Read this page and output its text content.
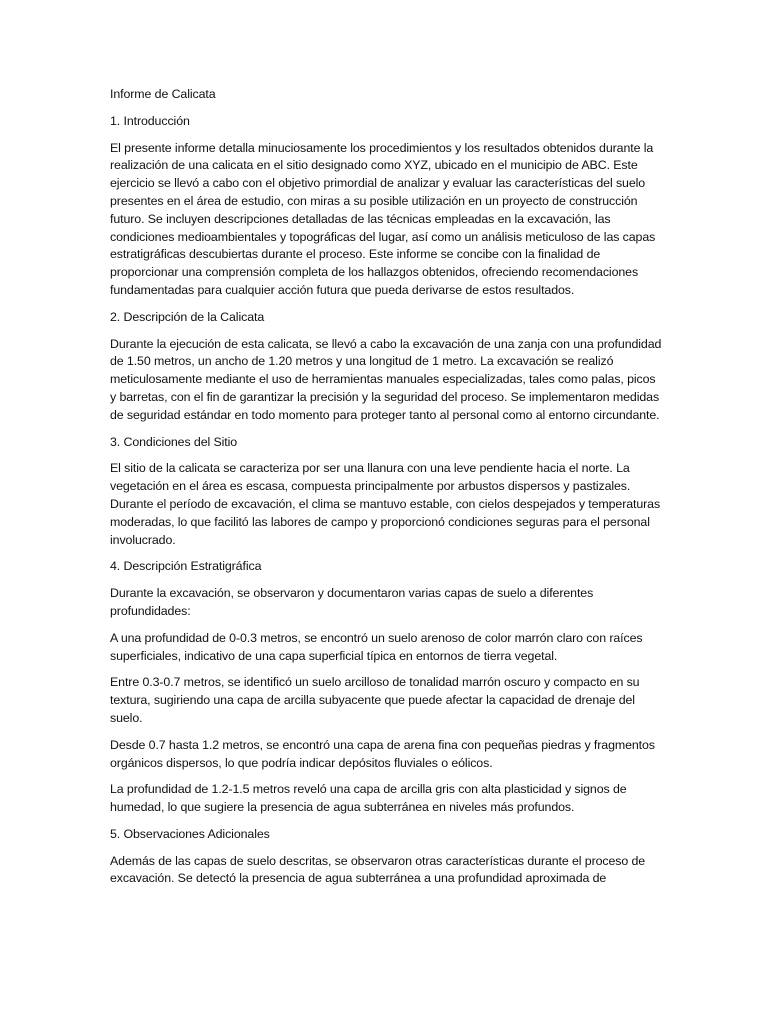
Informe de Calicata

1. Introducción

El presente informe detalla minuciosamente los procedimientos y los resultados obtenidos durante la realización de una calicata en el sitio designado como XYZ, ubicado en el municipio de ABC. Este ejercicio se llevó a cabo con el objetivo primordial de analizar y evaluar las características del suelo presentes en el área de estudio, con miras a su posible utilización en un proyecto de construcción futuro. Se incluyen descripciones detalladas de las técnicas empleadas en la excavación, las condiciones medioambientales y topográficas del lugar, así como un análisis meticuloso de las capas estratigráficas descubiertas durante el proceso. Este informe se concibe con la finalidad de proporcionar una comprensión completa de los hallazgos obtenidos, ofreciendo recomendaciones fundamentadas para cualquier acción futura que pueda derivarse de estos resultados.

2. Descripción de la Calicata

Durante la ejecución de esta calicata, se llevó a cabo la excavación de una zanja con una profundidad de 1.50 metros, un ancho de 1.20 metros y una longitud de 1 metro. La excavación se realizó meticulosamente mediante el uso de herramientas manuales especializadas, tales como palas, picos y barretas, con el fin de garantizar la precisión y la seguridad del proceso. Se implementaron medidas de seguridad estándar en todo momento para proteger tanto al personal como al entorno circundante.

3. Condiciones del Sitio

El sitio de la calicata se caracteriza por ser una llanura con una leve pendiente hacia el norte. La vegetación en el área es escasa, compuesta principalmente por arbustos dispersos y pastizales. Durante el período de excavación, el clima se mantuvo estable, con cielos despejados y temperaturas moderadas, lo que facilitó las labores de campo y proporcionó condiciones seguras para el personal involucrado.

4. Descripción Estratigráfica

Durante la excavación, se observaron y documentaron varias capas de suelo a diferentes profundidades:

A una profundidad de 0-0.3 metros, se encontró un suelo arenoso de color marrón claro con raíces superficiales, indicativo de una capa superficial típica en entornos de tierra vegetal.

Entre 0.3-0.7 metros, se identificó un suelo arcilloso de tonalidad marrón oscuro y compacto en su textura, sugiriendo una capa de arcilla subyacente que puede afectar la capacidad de drenaje del suelo.

Desde 0.7 hasta 1.2 metros, se encontró una capa de arena fina con pequeñas piedras y fragmentos orgánicos dispersos, lo que podría indicar depósitos fluviales o eólicos.

La profundidad de 1.2-1.5 metros reveló una capa de arcilla gris con alta plasticidad y signos de humedad, lo que sugiere la presencia de agua subterránea en niveles más profundos.

5. Observaciones Adicionales

Además de las capas de suelo descritas, se observaron otras características durante el proceso de excavación. Se detectó la presencia de agua subterránea a una profundidad aproximada de
